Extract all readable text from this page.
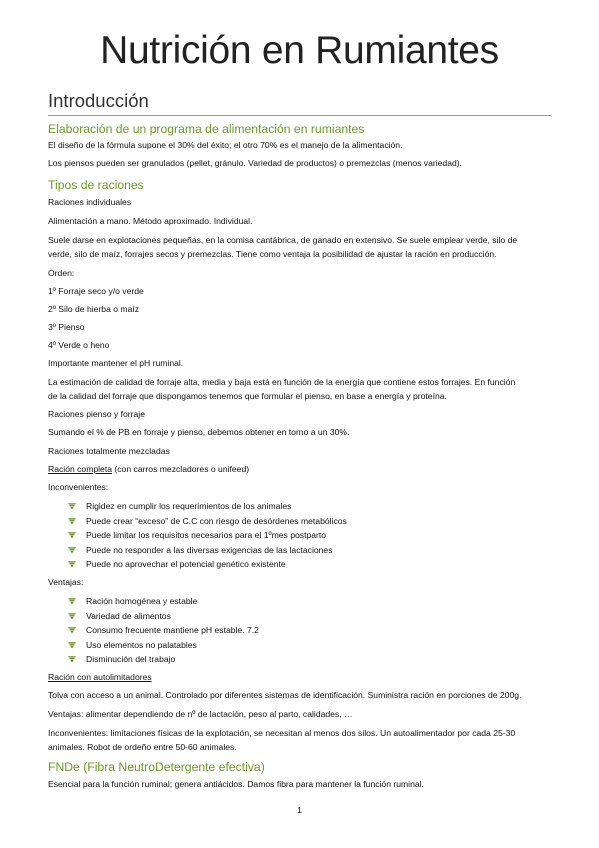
Nutrición en Rumiantes
Introducción
Elaboración de un programa de alimentación en rumiantes
El diseño de la fórmula supone el 30% del éxito; el otro 70% es el manejo de la alimentación.
Los piensos pueden ser granulados (pellet, gránulo. Variedad de productos) o premezclas (menos variedad).
Tipos de raciones
Raciones individuales
Alimentación a mano. Método aproximado. Individual.
Suele darse en explotaciones pequeñas, en la comisa cantábrica, de ganado en extensivo. Se suele emplear verde, silo de
verde, silo de maíz, forrajes secos y premezclas. Tiene como ventaja la posibilidad de ajustar la ración en producción.
Orden:
1º Forraje seco y/o verde
2º Silo de hierba o maíz
3º Pienso
4º Verde o heno
Importante mantener el pH ruminal.
La estimación de calidad de forraje alta, media y baja está en función de la energía que contiene estos forrajes. En función
de la calidad del forraje que dispongamos tenemos que formular el pienso, en base a energía y proteína.
Raciones pienso y forraje
Sumando el % de PB en forraje y pienso, debemos obtener en torno a un 30%.
Raciones totalmente mezcladas
Ración completa (con carros mezcladores o unifeed)
Inconvenientes:
Rigidez en cumplir los requerimientos de los animales
Puede crear “exceso” de C.C con riesgo de desórdenes metabólicos
Puede limitar los requisitos necesarios para el 1ºmes postparto
Puede no responder a las diversas exigencias de las lactaciones
Puede no aprovechar el potencial genético existente
Ventajas:
Ración homogénea y estable
Variedad de alimentos
Consumo frecuente mantiene pH estable. 7.2
Uso elementos no palatables
Disminución del trabajo
Ración con autolimitadores
Tolva con acceso a un animal. Controlado por diferentes sistemas de identificación. Suministra ración en porciones de 200g.
Ventajas: alimentar dependiendo de nº de lactación, peso al parto, calidades, …
Inconvenientes: limitaciones físicas de la explotación, se necesitan al menos dos silos. Un autoalimentador por cada 25-30
animales. Robot de ordeño entre 50-60 animales.
FNDe (Fibra NeutroDetergente efectiva)
Esencial para la función ruminal; genera antiácidos. Damos fibra para mantener la función ruminal.
1
